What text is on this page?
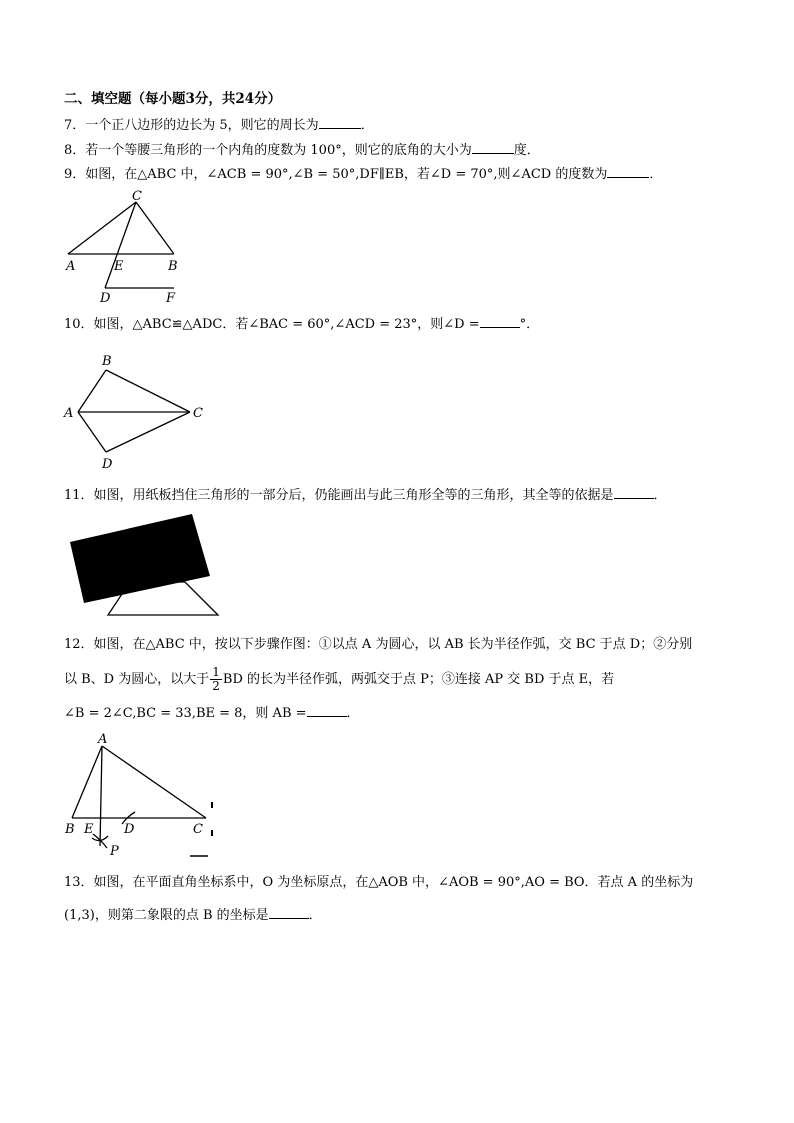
二、填空题（每小题3分，共24分）
7．一个正八边形的边长为 5，则它的周长为	．
8．若一个等腰三角形的一个内角的度数为 100°，则它的底角的大小为	度．
9．如图，在△ABC 中，∠ACB = 90°,∠B = 50°,DF∥EB，若∠D = 70°,则∠ACD 的度数为	．
C
A	E	B
D	F
10．如图，△ABC≌△ADC．若∠BAC = 60°,∠ACD = 23°，则∠D =	°．
B
A	C
D
11．如图，用纸板挡住三角形的一部分后，仍能画出与此三角形全等的三角形，其全等的依据是	．
12．如图，在△ABC 中，按以下步骤作图：①以点 A 为圆心，以 AB 长为半径作弧，交 BC 于点 D；②分别
以 B、D 为圆心，以大于 $\frac{1}{2}$ BD 的长为半径作弧，两弧交于点 P；③连接 AP 交 BD 于点 E，若
∠B = 2∠C,BC = 33,BE = 8，则 AB =	．
A
B E D	C
P
13．如图，在平面直角坐标系中，O 为坐标原点，在△AOB 中，∠AOB = 90°,AO = BO．若点 A 的坐标为
(1,3)，则第二象限的点 B 的坐标是	．
